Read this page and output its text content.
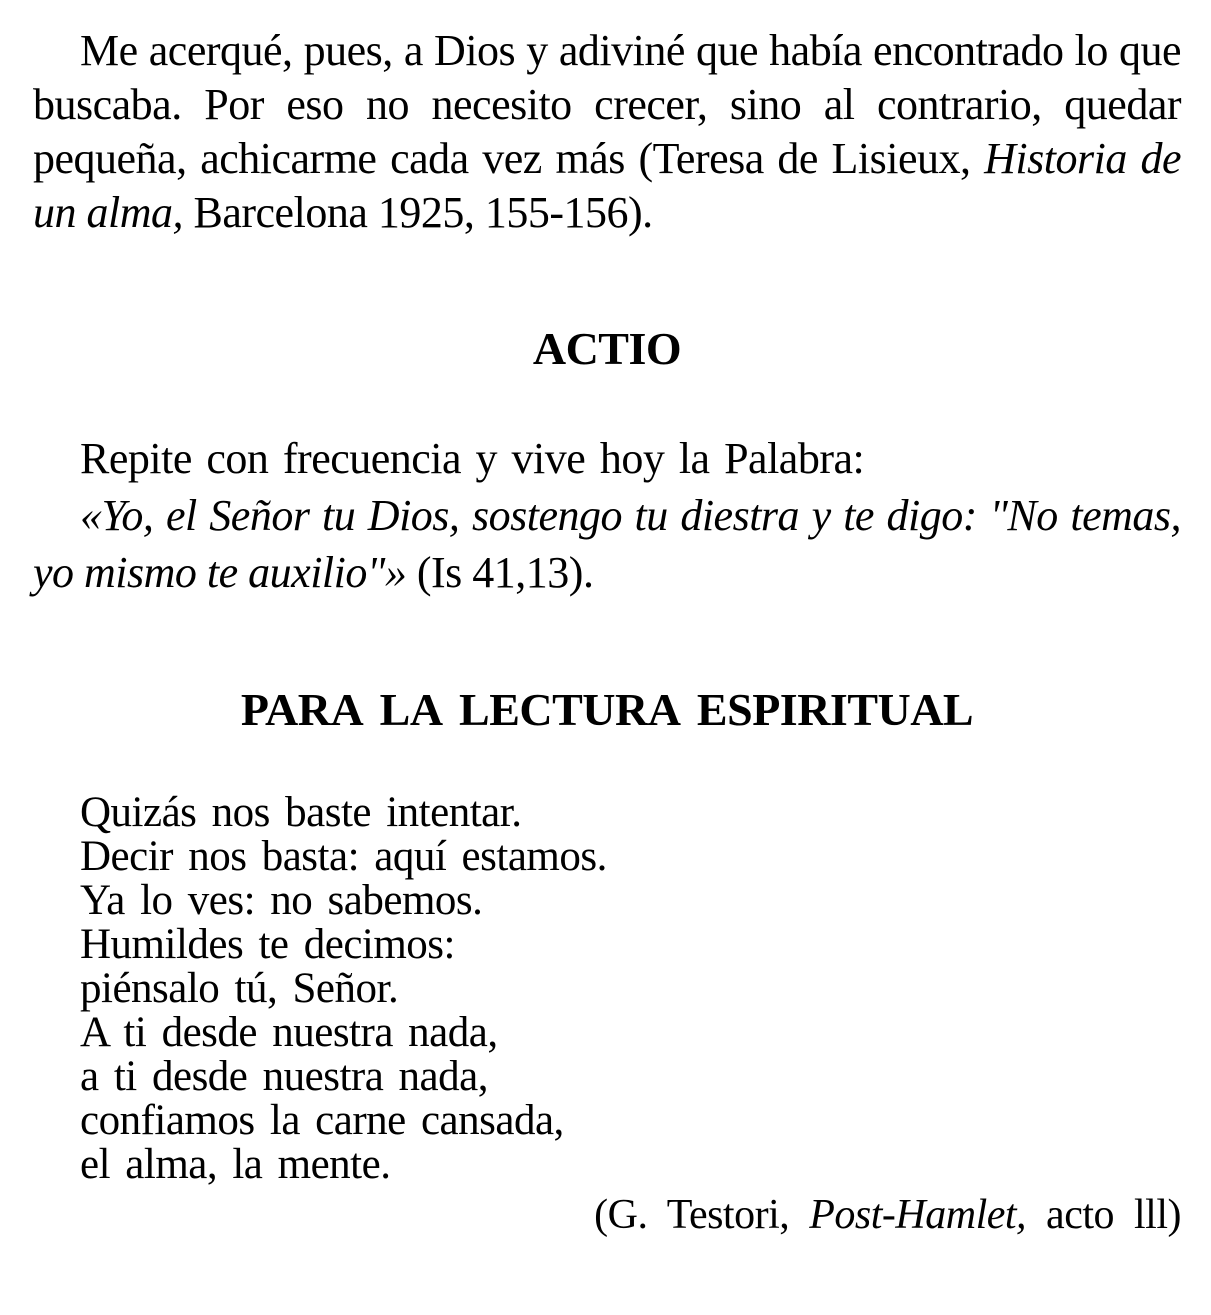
Me acerqué, pues, a Dios y adiviné que había encontrado lo que buscaba. Por eso no necesito crecer, sino al contrario, quedar pequeña, achicarme cada vez más (Teresa de Lisieux, Historia de un alma, Barcelona 1925, 155-156).

ACTIO

Repite con frecuencia y vive hoy la Palabra:

«Yo, el Señor tu Dios, sostengo tu diestra y te digo: "No temas, yo mismo te auxilio"» (Is 41,13).

PARA LA LECTURA ESPIRITUAL
Quizás nos baste intentar.
Decir nos basta: aquí estamos.
Ya lo ves: no sabemos.
Humildes te decimos:
piénsalo tú, Señor.
A ti desde nuestra nada,
a ti desde nuestra nada,
confiamos la carne cansada,
el alma, la mente.

(G. Testori, Post-Hamlet, acto lll)
